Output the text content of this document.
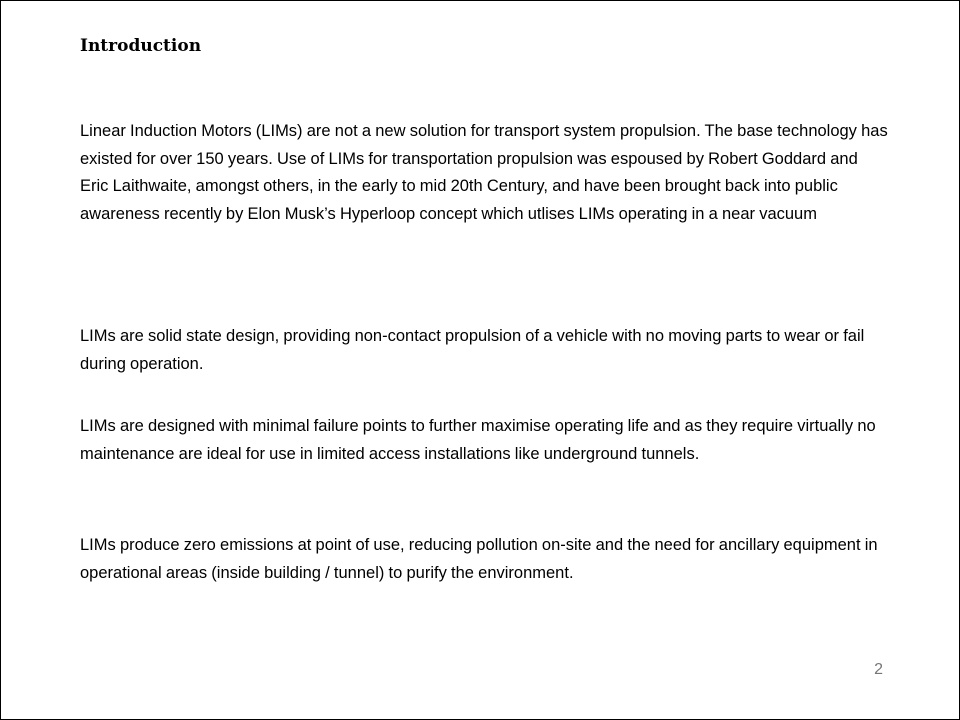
Introduction

Linear Induction Motors (LIMs) are not a new solution for transport system propulsion. The base technology has existed for over 150 years. Use of LIMs for transportation propulsion was espoused by Robert Goddard and Eric Laithwaite, amongst others, in the early to mid 20th Century, and have been brought back into public awareness recently by Elon Musk’s Hyperloop concept which utlises LIMs operating in a near vacuum

LIMs are solid state design, providing non-contact propulsion of a vehicle with no moving parts to wear or fail during operation.

LIMs are designed with minimal failure points to further maximise operating life and as they require virtually no maintenance are ideal for use in limited access installations like underground tunnels.

LIMs produce zero emissions at point of use, reducing pollution on-site and the need for ancillary equipment in operational areas (inside building / tunnel) to purify the environment.

2
